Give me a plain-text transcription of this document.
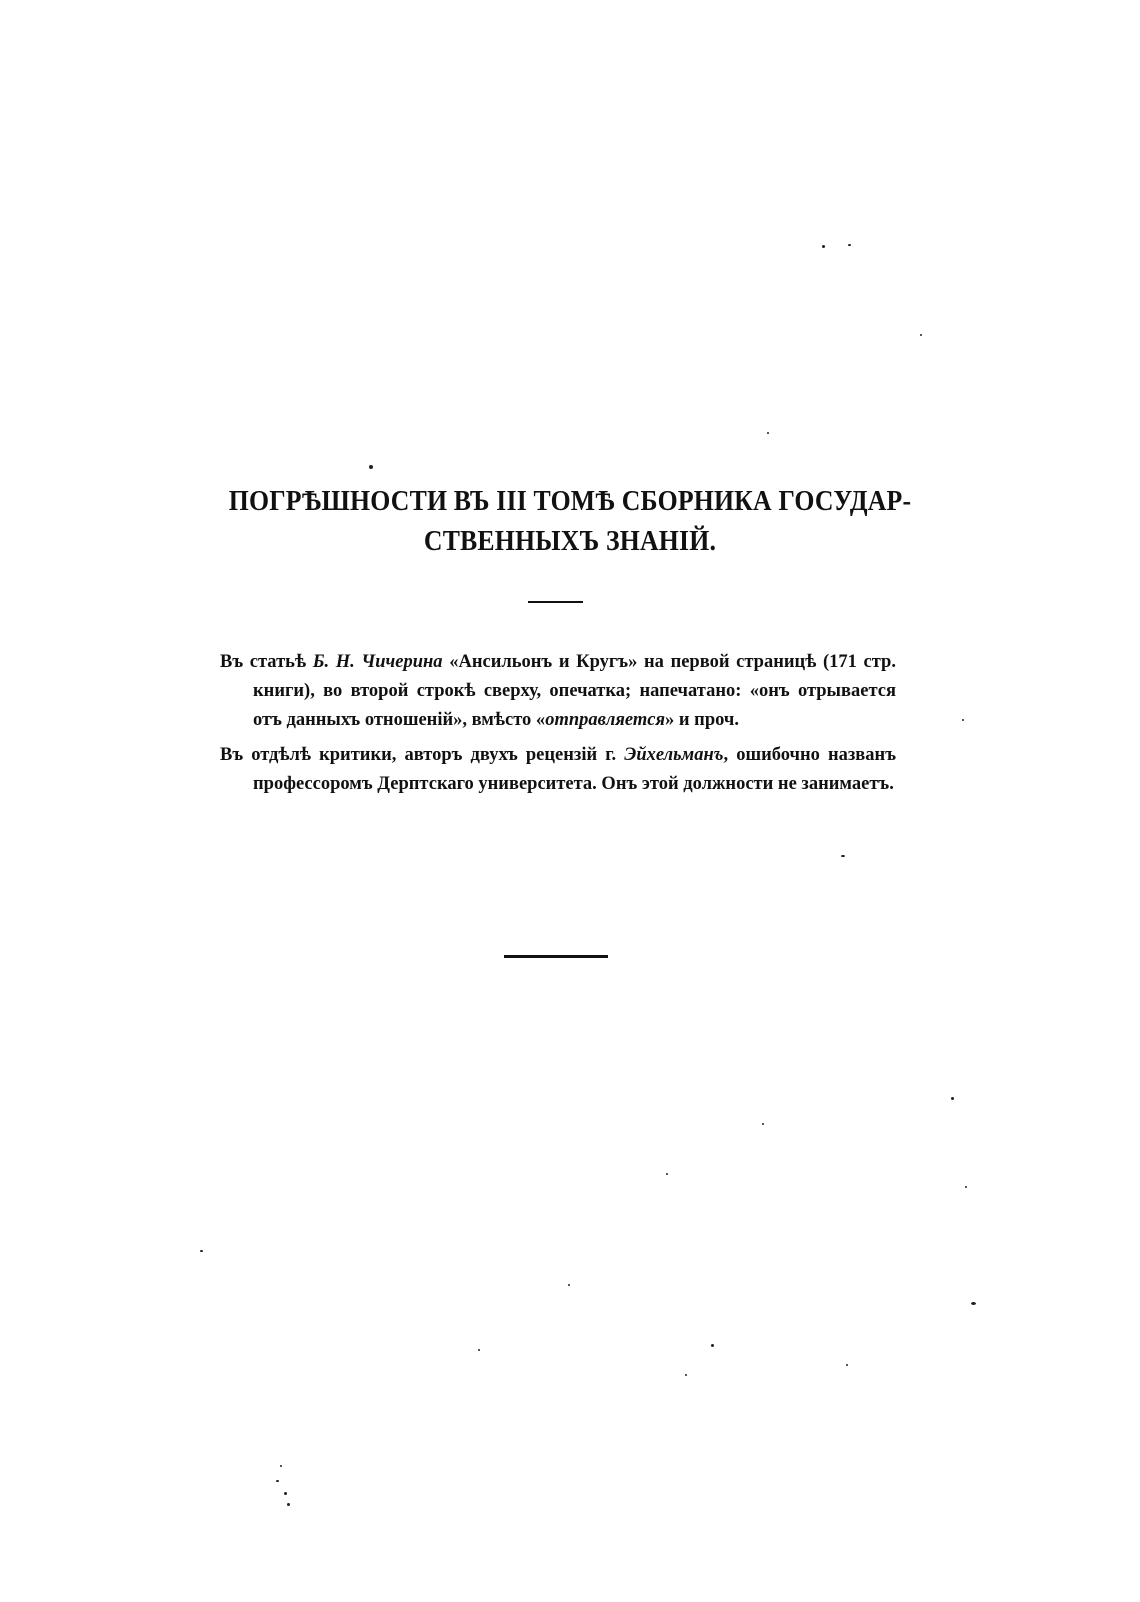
ПОГРѢШНОСТИ ВЪ III ТОМѢ СБОРНИКА ГОСУДАР-
СТВЕННЫХЪ ЗНАНІЙ.

Въ статьѣ Б. Н. Чичерина «Ансильонъ и Кругъ» на первой страницѣ (171 стр. книги), во второй строкѣ сверху, опечатка; напечатано: «онъ отрывается отъ данныхъ отношеній», вмѣсто «отправляется» и проч.

Въ отдѣлѣ критики, авторъ двухъ рецензій г. Эйхельманъ, ошибочно названъ профессоромъ Дерптскаго университета. Онъ этой должности не занимаетъ.
